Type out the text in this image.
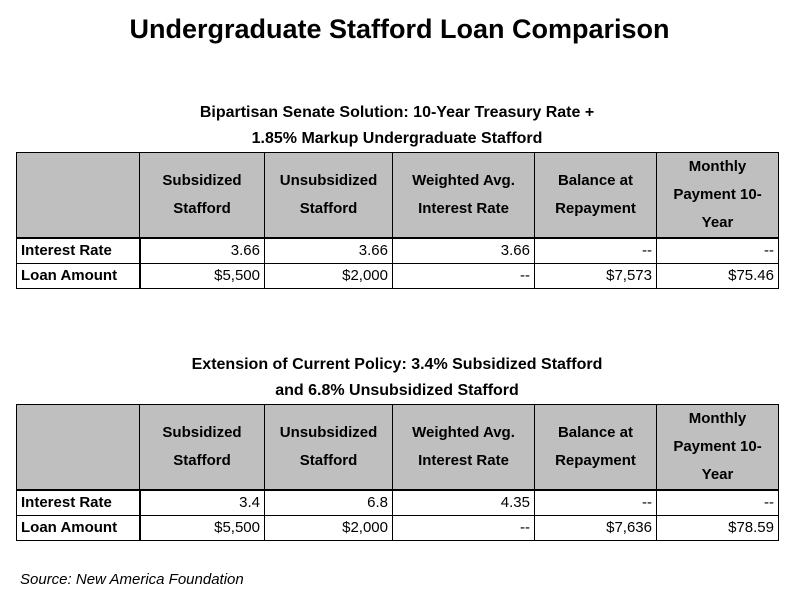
Undergraduate Stafford Loan Comparison
Bipartisan Senate Solution: 10-Year Treasury Rate +
1.85% Markup Undergraduate Stafford
	Subsidized Stafford	Unsubsidized Stafford	Weighted Avg. Interest Rate	Balance at Repayment	Monthly Payment 10-Year
Interest Rate	3.66	3.66	3.66	--	--
Loan Amount	$5,500	$2,000	--	$7,573	$75.46
Extension of Current Policy: 3.4% Subsidized Stafford
and 6.8% Unsubsidized Stafford
	Subsidized Stafford	Unsubsidized Stafford	Weighted Avg. Interest Rate	Balance at Repayment	Monthly Payment 10-Year
Interest Rate	3.4	6.8	4.35	--	--
Loan Amount	$5,500	$2,000	--	$7,636	$78.59
Source: New America Foundation
